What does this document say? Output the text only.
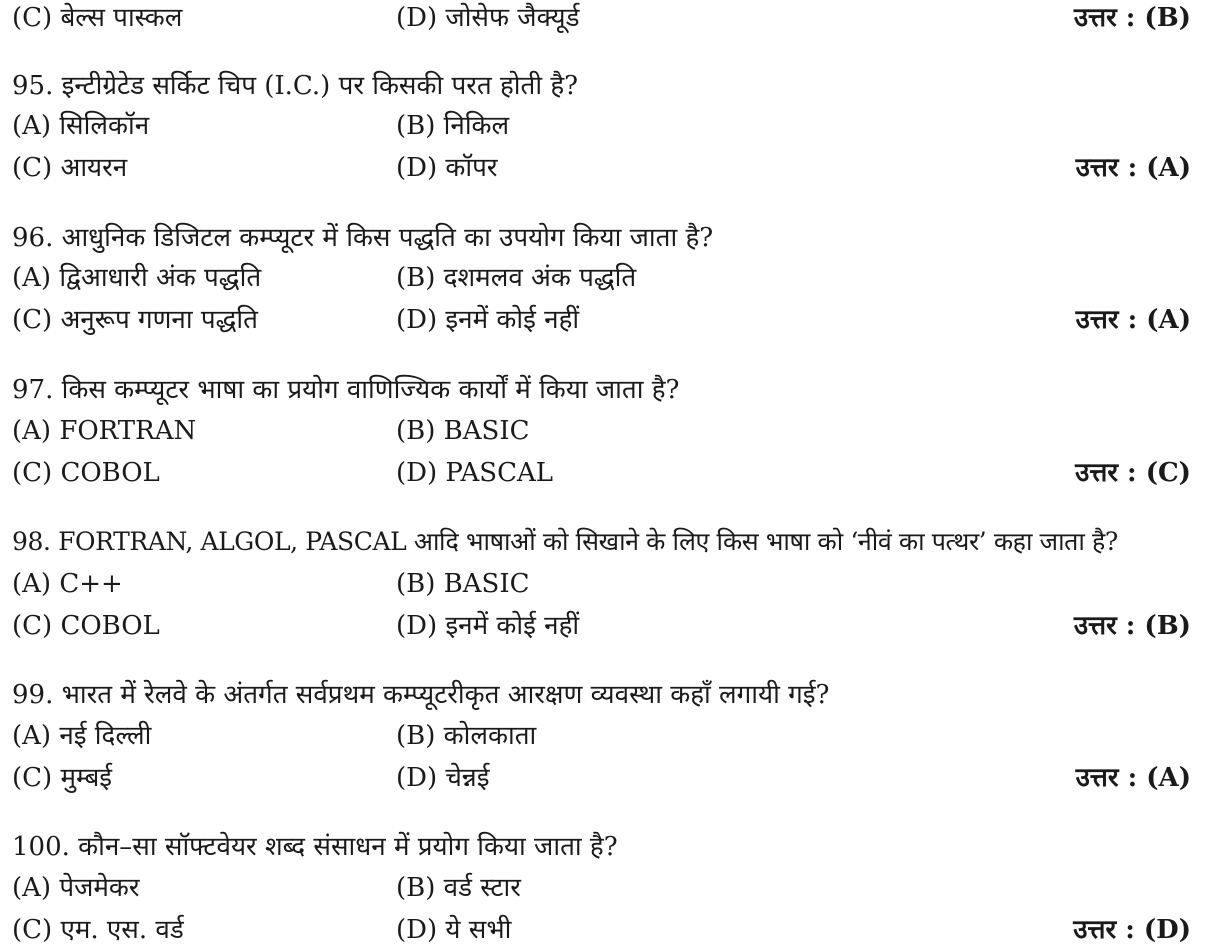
(C) बेल्स पास्कल	(D) जोसेफ जैक्यूर्ड	उत्तर : (B)
95. इन्टीग्रेटेड सर्किट चिप (I.C.) पर किसकी परत होती है?
(A) सिलिकॉन	(B) निकिल
(C) आयरन	(D) कॉपर	उत्तर : (A)
96. आधुनिक डिजिटल कम्प्यूटर में किस पद्धति का उपयोग किया जाता है?
(A) द्विआधारी अंक पद्धति	(B) दशमलव अंक पद्धति
(C) अनुरूप गणना पद्धति	(D) इनमें कोई नहीं	उत्तर : (A)
97. किस कम्प्यूटर भाषा का प्रयोग वाणिज्यिक कार्यों में किया जाता है?
(A) FORTRAN	(B) BASIC
(C) COBOL	(D) PASCAL	उत्तर : (C)
98. FORTRAN, ALGOL, PASCAL आदि भाषाओं को सिखाने के लिए किस भाषा को ‘नीवं का पत्थर’ कहा जाता है?
(A) C++	(B) BASIC
(C) COBOL	(D) इनमें कोई नहीं	उत्तर : (B)
99. भारत में रेलवे के अंतर्गत सर्वप्रथम कम्प्यूटरीकृत आरक्षण व्यवस्था कहाँ लगायी गई?
(A) नई दिल्ली	(B) कोलकाता
(C) मुम्बई	(D) चेन्नई	उत्तर : (A)
100. कौन–सा सॉफ्टवेयर शब्द संसाधन में प्रयोग किया जाता है?
(A) पेजमेकर	(B) वर्ड स्टार
(C) एम. एस. वर्ड	(D) ये सभी	उत्तर : (D)
